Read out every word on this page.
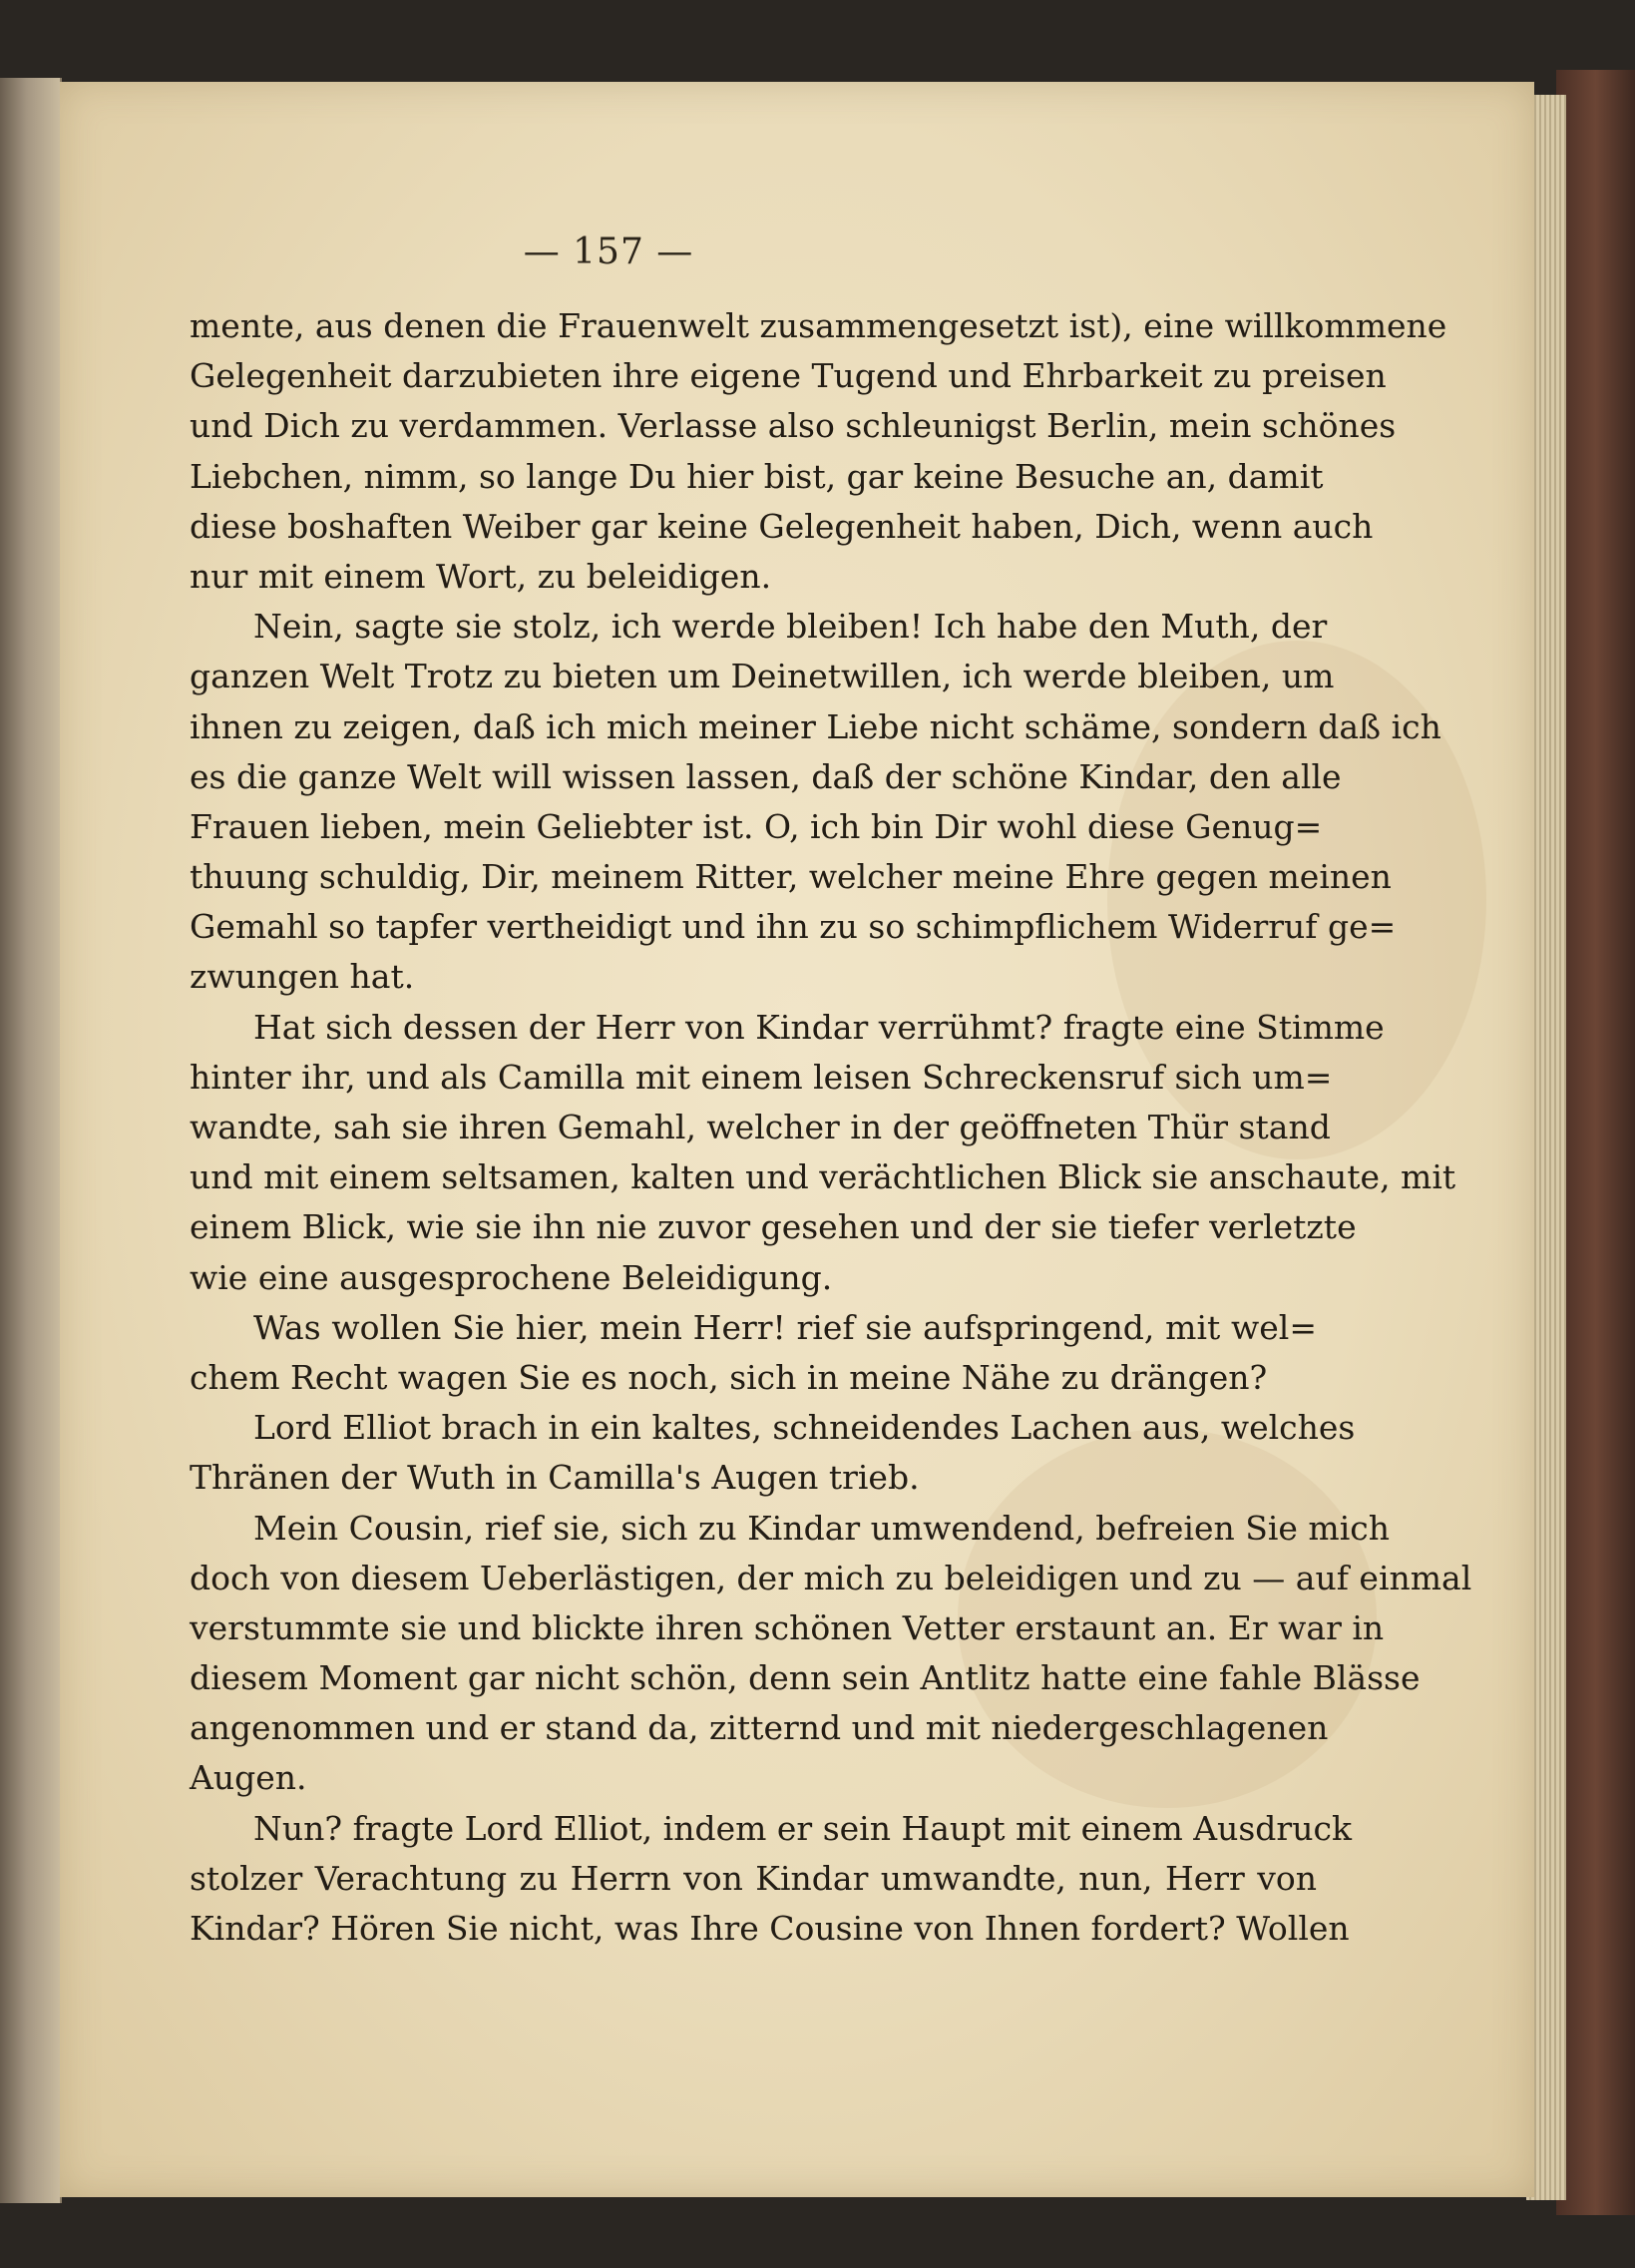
— 157 —
mente, aus denen die Frauenwelt zusammengesetzt ist), eine willkommene
Gelegenheit darzubieten ihre eigene Tugend und Ehrbarkeit zu preisen
und Dich zu verdammen. Verlasse also schleunigst Berlin, mein schönes
Liebchen, nimm, so lange Du hier bist, gar keine Besuche an, damit
diese boshaften Weiber gar keine Gelegenheit haben, Dich, wenn auch
nur mit einem Wort, zu beleidigen.
Nein, sagte sie stolz, ich werde bleiben! Ich habe den Muth, der
ganzen Welt Trotz zu bieten um Deinetwillen, ich werde bleiben, um
ihnen zu zeigen, daß ich mich meiner Liebe nicht schäme, sondern daß ich
es die ganze Welt will wissen lassen, daß der schöne Kindar, den alle
Frauen lieben, mein Geliebter ist. O, ich bin Dir wohl diese Genug=
thuung schuldig, Dir, meinem Ritter, welcher meine Ehre gegen meinen
Gemahl so tapfer vertheidigt und ihn zu so schimpflichem Widerruf ge=
zwungen hat.
Hat sich dessen der Herr von Kindar verrühmt? fragte eine Stimme
hinter ihr, und als Camilla mit einem leisen Schreckensruf sich um=
wandte, sah sie ihren Gemahl, welcher in der geöffneten Thür stand
und mit einem seltsamen, kalten und verächtlichen Blick sie anschaute, mit
einem Blick, wie sie ihn nie zuvor gesehen und der sie tiefer verletzte
wie eine ausgesprochene Beleidigung.
Was wollen Sie hier, mein Herr! rief sie aufspringend, mit wel=
chem Recht wagen Sie es noch, sich in meine Nähe zu drängen?
Lord Elliot brach in ein kaltes, schneidendes Lachen aus, welches
Thränen der Wuth in Camilla's Augen trieb.
Mein Cousin, rief sie, sich zu Kindar umwendend, befreien Sie mich
doch von diesem Ueberlästigen, der mich zu beleidigen und zu — auf einmal
verstummte sie und blickte ihren schönen Vetter erstaunt an. Er war in
diesem Moment gar nicht schön, denn sein Antlitz hatte eine fahle Blässe
angenommen und er stand da, zitternd und mit niedergeschlagenen
Augen.
Nun? fragte Lord Elliot, indem er sein Haupt mit einem Ausdruck
stolzer Verachtung zu Herrn von Kindar umwandte, nun, Herr von
Kindar? Hören Sie nicht, was Ihre Cousine von Ihnen fordert? Wollen
